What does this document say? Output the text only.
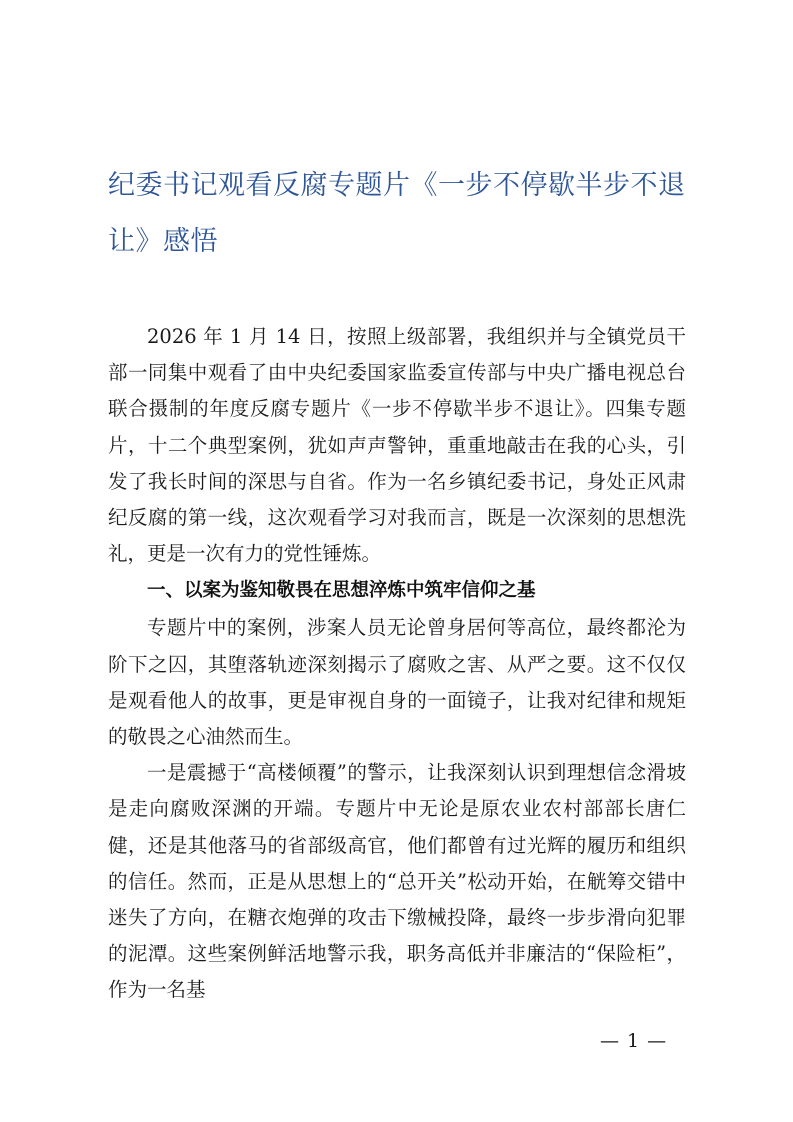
纪委书记观看反腐专题片《一步不停歇半步不退让》感悟

2026 年 1 月 14 日，按照上级部署，我组织并与全镇党员干部一同集中观看了由中央纪委国家监委宣传部与中央广播电视总台联合摄制的年度反腐专题片《一步不停歇半步不退让》。四集专题片，十二个典型案例，犹如声声警钟，重重地敲击在我的心头，引发了我长时间的深思与自省。作为一名乡镇纪委书记，身处正风肃纪反腐的第一线，这次观看学习对我而言，既是一次深刻的思想洗礼，更是一次有力的党性锤炼。

一、以案为鉴知敬畏在思想淬炼中筑牢信仰之基

专题片中的案例，涉案人员无论曾身居何等高位，最终都沦为阶下之囚，其堕落轨迹深刻揭示了腐败之害、从严之要。这不仅仅是观看他人的故事，更是审视自身的一面镜子，让我对纪律和规矩的敬畏之心油然而生。

一是震撼于“高楼倾覆”的警示，让我深刻认识到理想信念滑坡是走向腐败深渊的开端。专题片中无论是原农业农村部部长唐仁健，还是其他落马的省部级高官，他们都曾有过光辉的履历和组织的信任。然而，正是从思想上的“总开关”松动开始，在觥筹交错中迷失了方向，在糖衣炮弹的攻击下缴械投降，最终一步步滑向犯罪的泥潭。这些案例鲜活地警示我，职务高低并非廉洁的“保险柜”，作为一名基

— 1 —
